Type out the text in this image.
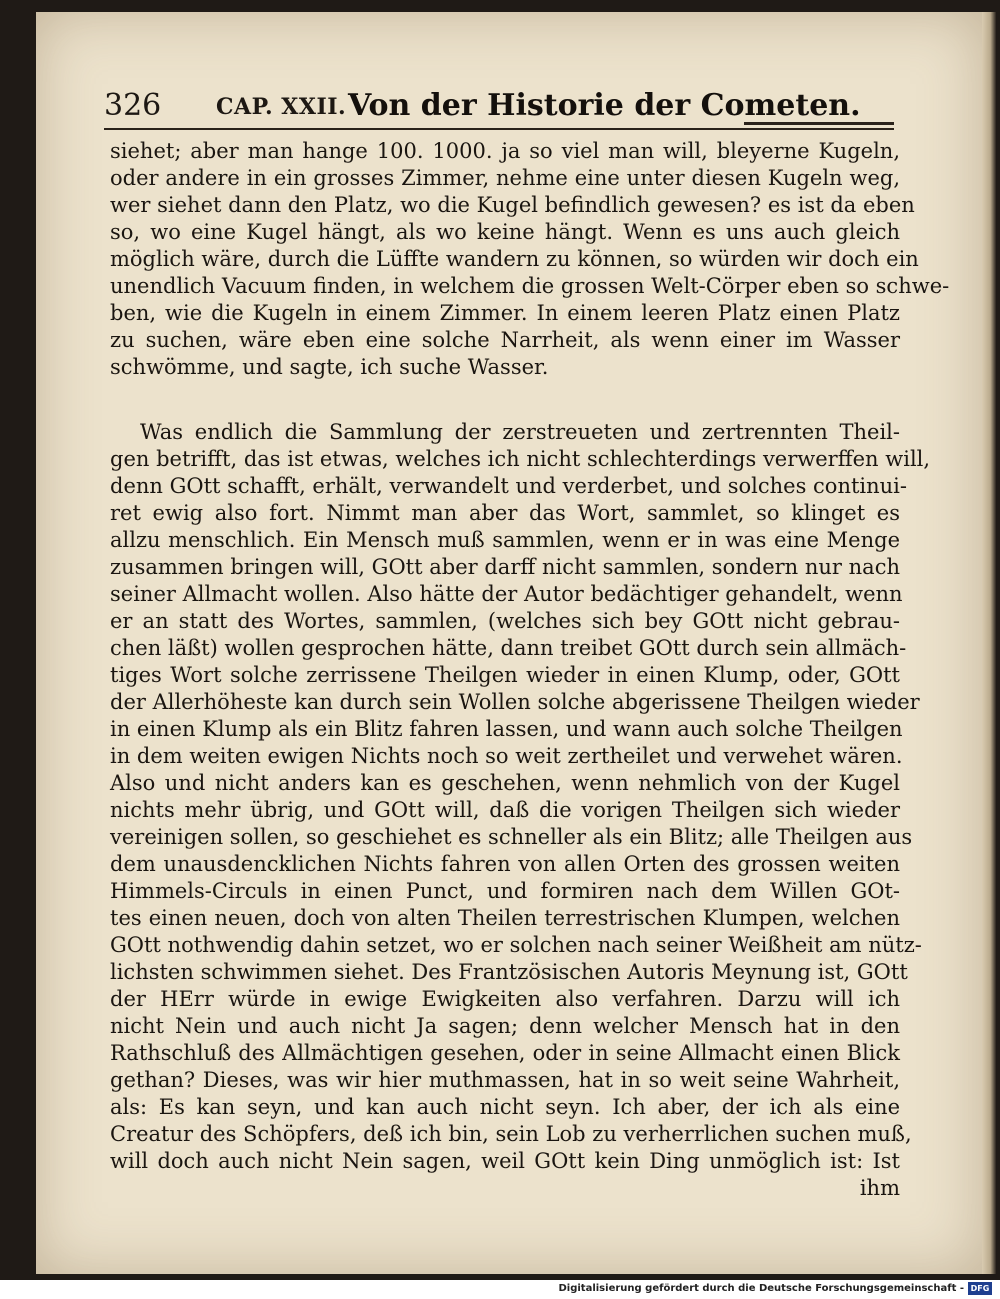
326 CAP. XXII. Von der Historie der Cometen.
siehet; aber man hange 100. 1000. ja so viel man will, bleyerne Kugeln,
oder andere in ein grosses Zimmer, nehme eine unter diesen Kugeln weg,
wer siehet dann den Platz, wo die Kugel befindlich gewesen? es ist da eben
so, wo eine Kugel hängt, als wo keine hängt. Wenn es uns auch gleich
möglich wäre, durch die Lüffte wandern zu können, so würden wir doch ein
unendlich Vacuum finden, in welchem die grossen Welt-Cörper eben so schwe-
ben, wie die Kugeln in einem Zimmer. In einem leeren Platz einen Platz
zu suchen, wäre eben eine solche Narrheit, als wenn einer im Wasser
schwömme, und sagte, ich suche Wasser.
Was endlich die Sammlung der zerstreueten und zertrennten Theil-
gen betrifft, das ist etwas, welches ich nicht schlechterdings verwerffen will,
denn GOtt schafft, erhält, verwandelt und verderbet, und solches continui-
ret ewig also fort. Nimmt man aber das Wort, sammlet, so klinget es
allzu menschlich. Ein Mensch muß sammlen, wenn er in was eine Menge
zusammen bringen will, GOtt aber darff nicht sammlen, sondern nur nach
seiner Allmacht wollen. Also hätte der Autor bedächtiger gehandelt, wenn
er an statt des Wortes, sammlen, (welches sich bey GOtt nicht gebrau-
chen läßt) wollen gesprochen hätte, dann treibet GOtt durch sein allmäch-
tiges Wort solche zerrissene Theilgen wieder in einen Klump, oder, GOtt
der Allerhöheste kan durch sein Wollen solche abgerissene Theilgen wieder
in einen Klump als ein Blitz fahren lassen, und wann auch solche Theilgen
in dem weiten ewigen Nichts noch so weit zertheilet und verwehet wären.
Also und nicht anders kan es geschehen, wenn nehmlich von der Kugel
nichts mehr übrig, und GOtt will, daß die vorigen Theilgen sich wieder
vereinigen sollen, so geschiehet es schneller als ein Blitz; alle Theilgen aus
dem unausdencklichen Nichts fahren von allen Orten des grossen weiten
Himmels-Circuls in einen Punct, und formiren nach dem Willen GOt-
tes einen neuen, doch von alten Theilen terrestrischen Klumpen, welchen
GOtt nothwendig dahin setzet, wo er solchen nach seiner Weißheit am nütz-
lichsten schwimmen siehet. Des Frantzösischen Autoris Meynung ist, GOtt
der HErr würde in ewige Ewigkeiten also verfahren. Darzu will ich
nicht Nein und auch nicht Ja sagen; denn welcher Mensch hat in den
Rathschluß des Allmächtigen gesehen, oder in seine Allmacht einen Blick
gethan? Dieses, was wir hier muthmassen, hat in so weit seine Wahrheit,
als: Es kan seyn, und kan auch nicht seyn. Ich aber, der ich als eine
Creatur des Schöpfers, deß ich bin, sein Lob zu verherrlichen suchen muß,
will doch auch nicht Nein sagen, weil GOtt kein Ding unmöglich ist: Ist
ihm
Digitalisierung gefördert durch die Deutsche Forschungsgemeinschaft - DFG
